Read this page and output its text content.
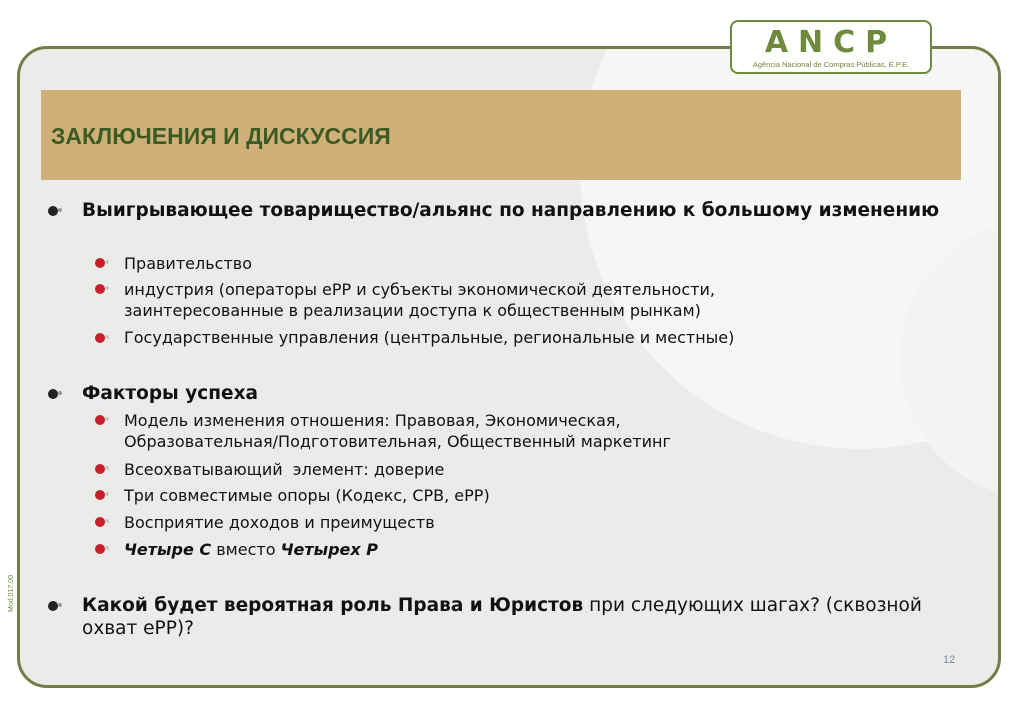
ANCP
Agência Nacional de Compras Públicas, E.P.E.
ЗАКЛЮЧЕНИЯ И ДИСКУССИЯ
Выигрывающее товарищество/альянс по направлению к большому изменению
Правительство
индустрия (операторы ePP и субъекты экономической деятельности, заинтересованные в реализации доступа к общественным рынкам)
Государственные управления (центральные, региональные и местные)
Факторы успеха
Модель изменения отношения: Правовая, Экономическая, Образовательная/Подготовительная, Общественный маркетинг
Всеохватывающий  элемент: доверие
Три совместимые опоры (Кодекс, СРВ, eРР)
Восприятие доходов и преимуществ
Четыре С вместо Четырех Р
Какой будет вероятная роль Права и Юристов при следующих шагах? (сквозной охват eРР)?
12
Mod.017.00
